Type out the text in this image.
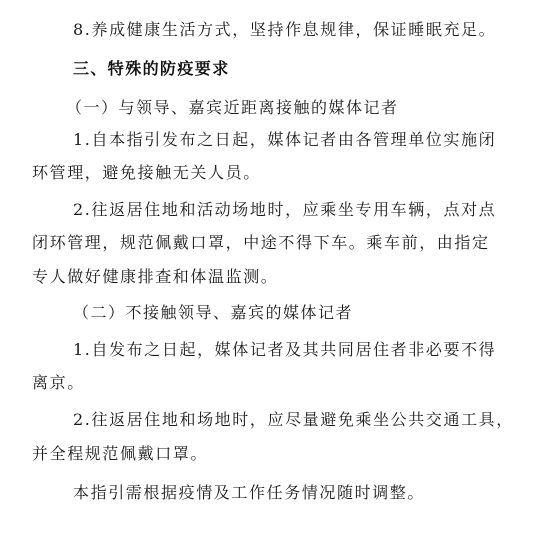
8.养成健康生活方式，坚持作息规律，保证睡眠充足。

三、特殊的防疫要求

（一）与领导、嘉宾近距离接触的媒体记者

1.自本指引发布之日起，媒体记者由各管理单位实施闭

环管理，避免接触无关人员。

2.往返居住地和活动场地时，应乘坐专用车辆，点对点

闭环管理，规范佩戴口罩，中途不得下车。乘车前，由指定

专人做好健康排查和体温监测。

（二）不接触领导、嘉宾的媒体记者

1.自发布之日起，媒体记者及其共同居住者非必要不得

离京。

2.往返居住地和场地时，应尽量避免乘坐公共交通工具，

并全程规范佩戴口罩。

本指引需根据疫情及工作任务情况随时调整。
